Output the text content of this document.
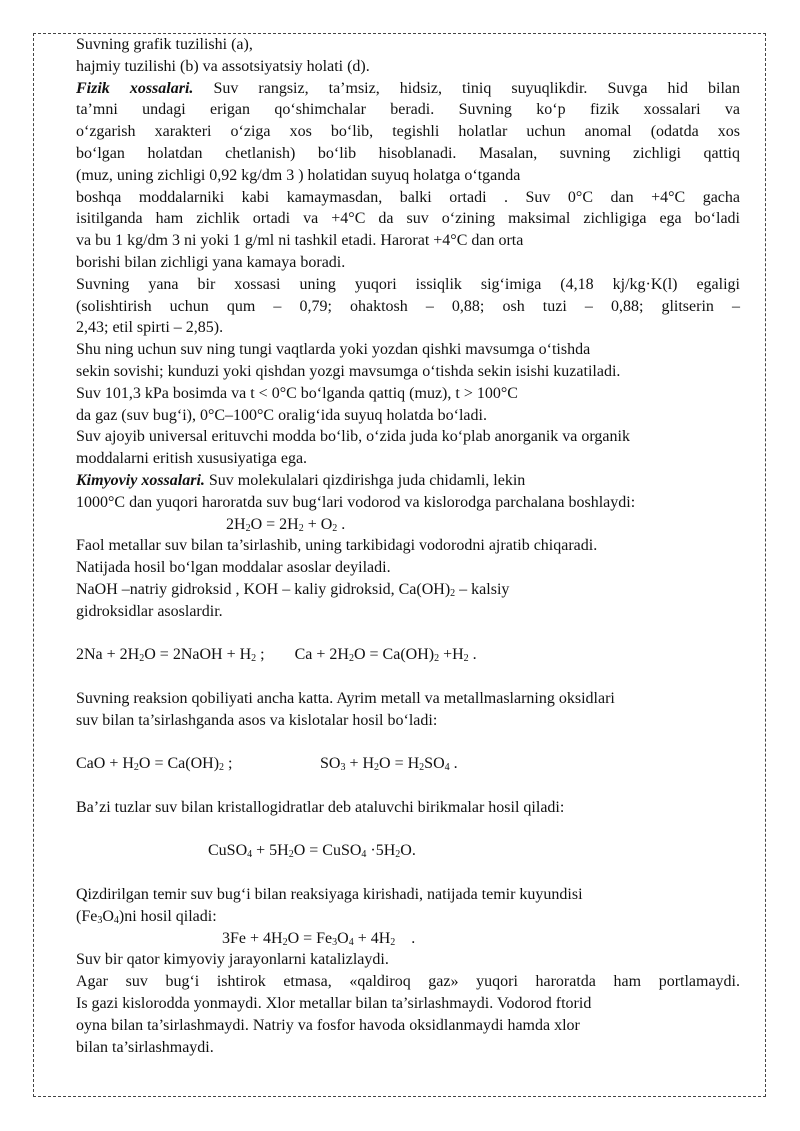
Suvning grafik tuzilishi (a),
hajmiy tuzilishi (b) va assotsiyatsiy holati (d).
Fizik xossalari. Suv rangsiz, ta’msiz, hidsiz, tiniq suyuqlikdir. Suvga hid bilan
ta’mni undagi erigan qo‘shimchalar beradi. Suvning ko‘p fizik xossalari va
o‘zgarish xarakteri o‘ziga xos bo‘lib, tegishli holatlar uchun anomal (odatda xos
bo‘lgan holatdan chetlanish) bo‘lib hisoblanadi. Masalan, suvning zichligi qattiq
(muz, uning zichligi 0,92 kg/dm 3 ) holatidan suyuq holatga o‘tganda
boshqa moddalarniki kabi kamaymasdan, balki ortadi . Suv 0°C dan +4°C gacha
isitilganda ham zichlik ortadi va +4°C da suv o‘zining maksimal zichligiga ega bo‘ladi
va bu 1 kg/dm 3 ni yoki 1 g/ml ni tashkil etadi. Harorat +4°C dan orta
borishi bilan zichligi yana kamaya boradi.
Suvning yana bir xossasi uning yuqori issiqlik sig‘imiga (4,18 kj/kg·K(l) egaligi
(solishtirish uchun qum – 0,79; ohaktosh – 0,88; osh tuzi – 0,88; glitserin –
2,43; etil spirti – 2,85).
Shu ning uchun suv ning tungi vaqtlarda yoki yozdan qishki mavsumga o‘tishda
sekin sovishi; kunduzi yoki qishdan yozgi mavsumga o‘tishda sekin isishi kuzatiladi.
Suv 101,3 kPa bosimda va t < 0°C bo‘lganda qattiq (muz), t > 100°C
da gaz (suv bug‘i), 0°C–100°C oralig‘ida suyuq holatda bo‘ladi.
Suv ajoyib universal erituvchi modda bo‘lib, o‘zida juda ko‘plab anorganik va organik
moddalarni eritish xususiyatiga ega.
Kimyoviy xossalari. Suv molekulalari qizdirishga juda chidamli, lekin
1000°C dan yuqori haroratda suv bug‘lari vodorod va kislorodga parchalana boshlaydi:
$2H_2O = 2H_2 + O_2$ .
Faol metallar suv bilan ta’sirlashib, uning tarkibidagi vodorodni ajratib chiqaradi.
Natijada hosil bo‘lgan moddalar asoslar deyiladi.
NaOH –natriy gidroksid , KOH – kaliy gidroksid, $Ca(OH)_2$ – kalsiy
gidroksidlar asoslardir.
$2Na + 2H_2O$ = 2NaOH + $H_2$ ; $Ca + 2H_2O = Ca(OH)_2 +H_2$ .
Suvning reaksion qobiliyati ancha katta. Ayrim metall va metallmaslarning oksidlari
suv bilan ta’sirlashganda asos va kislotalar hosil bo‘ladi:
CaO + $H_2O = Ca(OH)_2$ ;	$SO_3 + H_2O = H_2SO_4$ .
Ba’zi tuzlar suv bilan kristallogidratlar deb ataluvchi birikmalar hosil qiladi:
CuSO$_4$ + $5H_2O$ = CuSO$_4$ $\cdot 5H_2O$.
Qizdirilgan temir suv bug‘i bilan reaksiyaga kirishadi, natijada temir kuyundisi
$(Fe_3O_4)ni$ hosil qiladi:
$3Fe + 4H_2O = Fe_3O_4 + 4H_2$    .
Suv bir qator kimyoviy jarayonlarni katalizlaydi.
Agar suv bug‘i ishtirok etmasa, «qaldiroq gaz» yuqori haroratda ham portlamaydi.
Is gazi kislorodda yonmaydi. Xlor metallar bilan ta’sirlashmaydi. Vodorod ftorid
oyna bilan ta’sirlashmaydi. Natriy va fosfor havoda oksidlanmaydi hamda xlor
bilan ta’sirlashmaydi.
